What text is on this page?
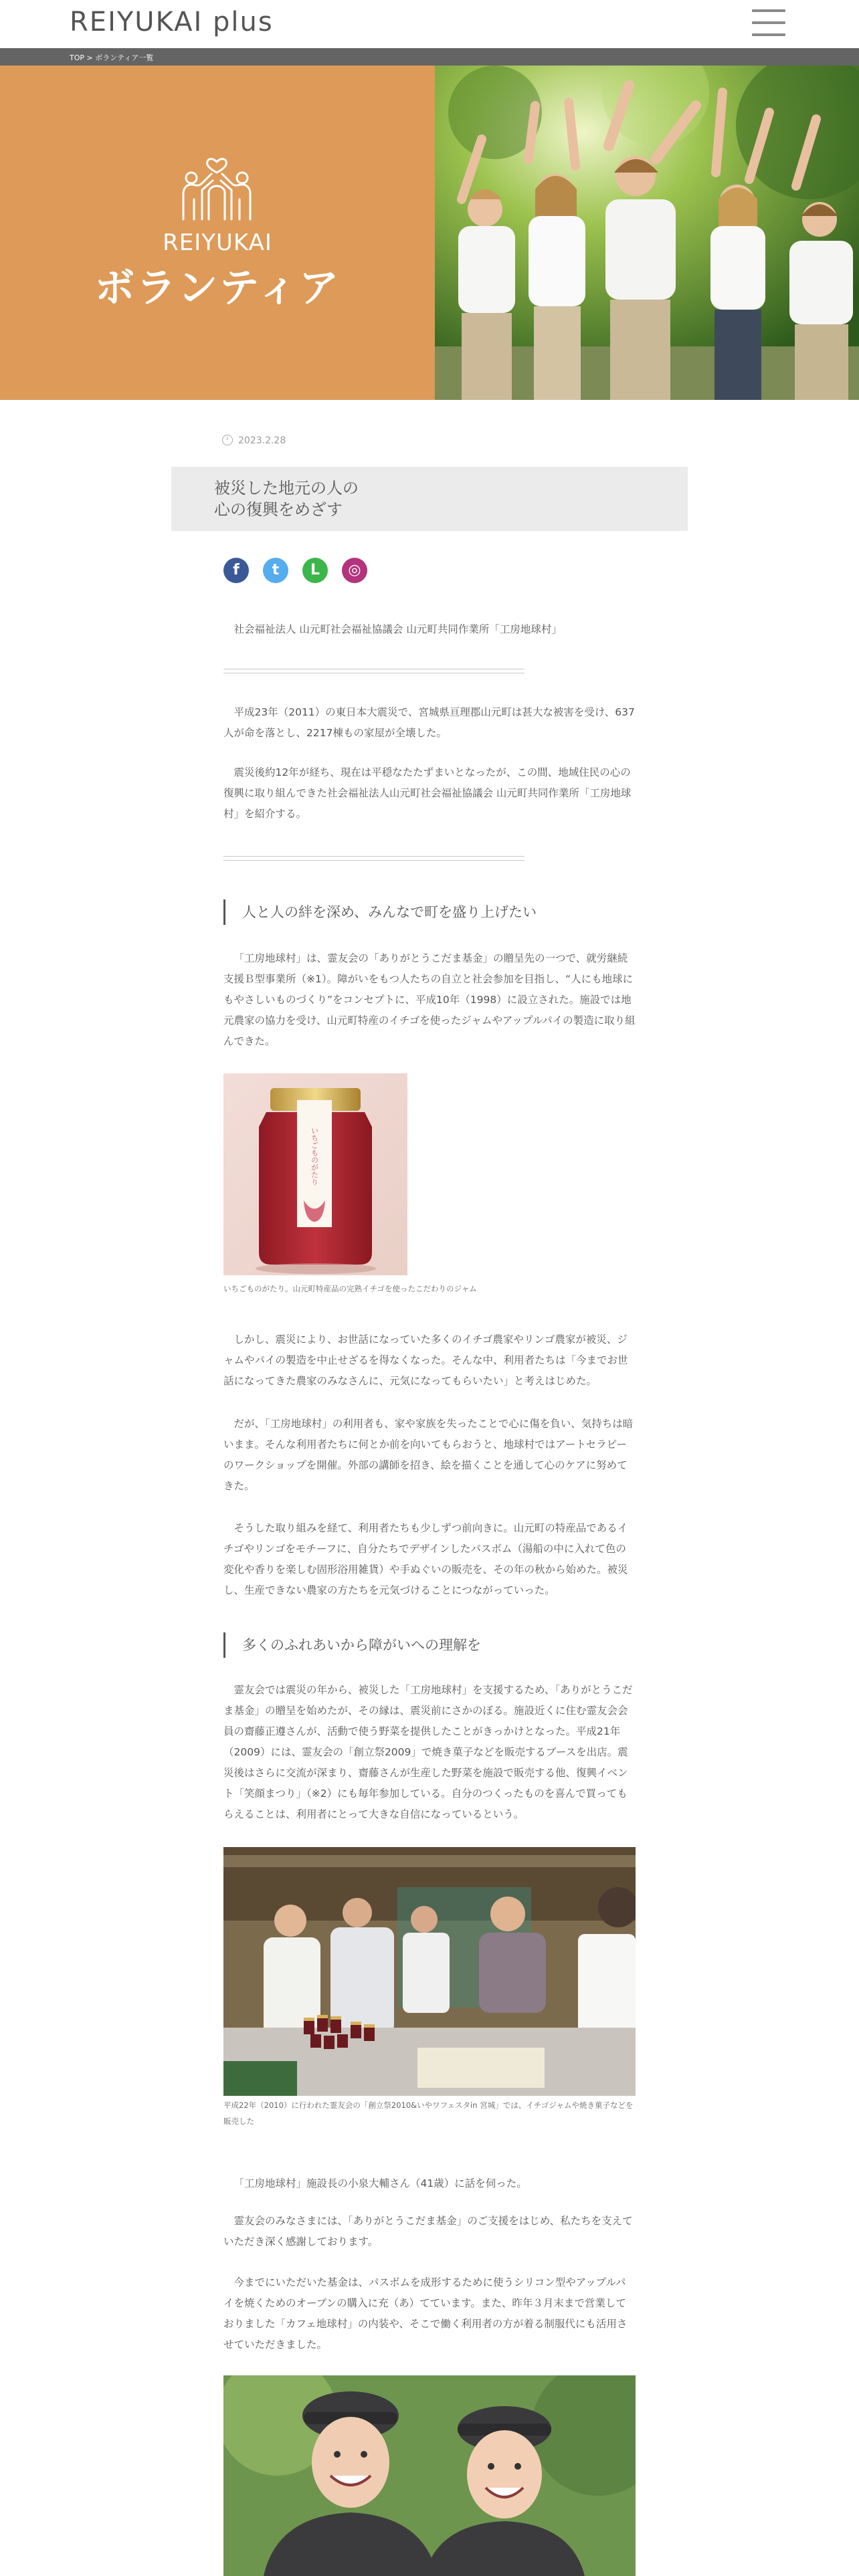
REIYUKAI plus
TOP > ボランティア一覧
REIYUKAI
ボランティア
2023.2.28
被災した地元の人の
心の復興をめざす
f	t	L	◎

社会福祉法人 山元町社会福祉協議会 山元町共同作業所「工房地球村」

平成23年（2011）の東日本大震災で、宮城県亘理郡山元町は甚大な被害を受け、637人が命を落とし、2217棟もの家屋が全壊した。

震災後約12年が経ち、現在は平穏なたたずまいとなったが、この間、地域住民の心の復興に取り組んできた社会福祉法人山元町社会福祉協議会 山元町共同作業所「工房地球村」を紹介する。

人と人の絆を深め、みんなで町を盛り上げたい

「工房地球村」は、霊友会の「ありがとうこだま基金」の贈呈先の一つで、就労継続支援Ｂ型事業所（※1）。障がいをもつ人たちの自立と社会参加を目指し、“人にも地球にもやさしいものづくり”をコンセプトに、平成10年（1998）に設立された。施設では地元農家の協力を受け、山元町特産のイチゴを使ったジャムやアップルパイの製造に取り組んできた。

いちごものがたり
いちごものがたり。山元町特産品の完熟イチゴを使ったこだわりのジャム

しかし、震災により、お世話になっていた多くのイチゴ農家やリンゴ農家が被災、ジャムやパイの製造を中止せざるを得なくなった。そんな中、利用者たちは「今までお世話になってきた農家のみなさんに、元気になってもらいたい」と考えはじめた。

だが、「工房地球村」の利用者も、家や家族を失ったことで心に傷を負い、気持ちは暗いまま。そんな利用者たちに何とか前を向いてもらおうと、地球村ではアートセラピーのワークショップを開催。外部の講師を招き、絵を描くことを通して心のケアに努めてきた。

そうした取り組みを経て、利用者たちも少しずつ前向きに。山元町の特産品であるイチゴやリンゴをモチーフに、自分たちでデザインしたパスボム（湯船の中に入れて色の変化や香りを楽しむ固形浴用雑貨）や手ぬぐいの販売を、その年の秋から始めた。被災し、生産できない農家の方たちを元気づけることにつながっていった。

多くのふれあいから障がいへの理解を

霊友会では震災の年から、被災した「工房地球村」を支援するため、「ありがとうこだま基金」の贈呈を始めたが、その縁は、震災前にさかのぼる。施設近くに住む霊友会会員の齋藤正遵さんが、活動で使う野菜を提供したことがきっかけとなった。平成21年（2009）には、霊友会の「創立祭2009」で焼き菓子などを販売するブースを出店。震災後はさらに交流が深まり、齋藤さんが生産した野菜を施設で販売する他、復興イベント「笑顔まつり」（※2）にも毎年参加している。自分のつくったものを喜んで買ってもらえることは、利用者にとって大きな自信になっているという。

平成22年（2010）に行われた霊友会の「創立祭2010&いやワフェスタin 宮城」では、イチゴジャムや焼き菓子などを販売した

「工房地球村」施設長の小泉大輔さん（41歳）に話を伺った。

霊友会のみなさまには、「ありがとうこだま基金」のご支援をはじめ、私たちを支えていただき深く感謝しております。

今までにいただいた基金は、パスボムを成形するために使うシリコン型やアップルパイを焼くためのオーブンの購入に充（あ）てています。また、昨年３月末まで営業しておりました「カフェ地球村」の内装や、そこで働く利用者の方が着る制服代にも活用させていただきました。
